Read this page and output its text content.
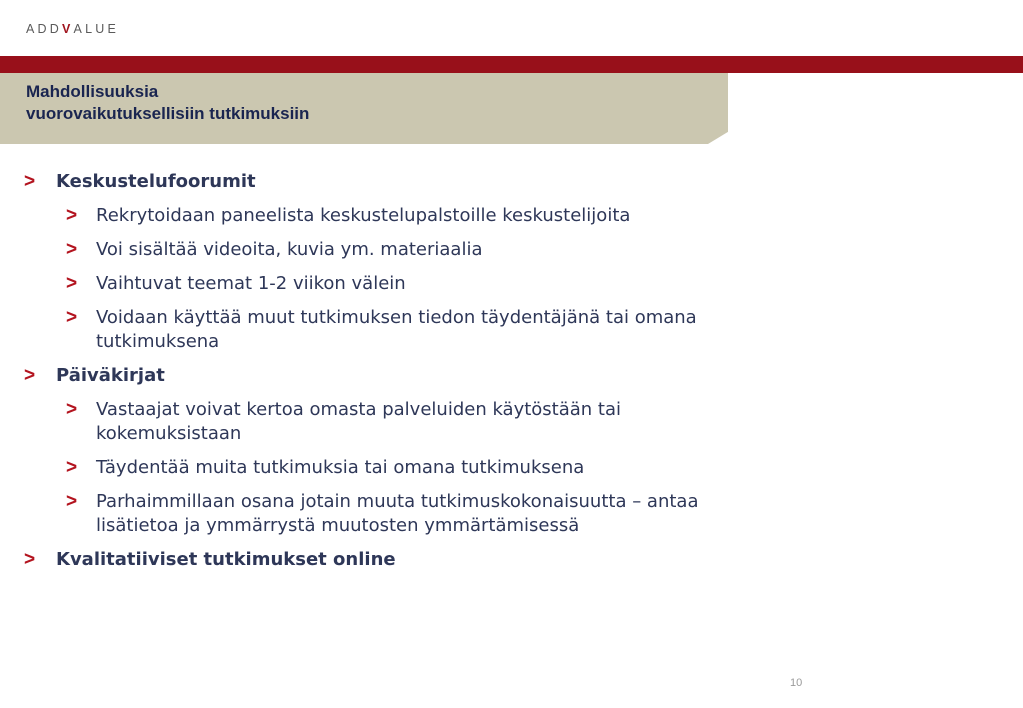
ADDVALUE
Mahdollisuuksia
vuorovaikutuksellisiin tutkimuksiin
> Keskustelufoorumit
> Rekrytoidaan paneelista keskustelupalstoille keskustelijoita
> Voi sisältää videoita, kuvia ym. materiaalia
> Vaihtuvat teemat 1-2 viikon välein
> Voidaan käyttää muut tutkimuksen tiedon täydentäjänä tai omana tutkimuksena
> Päiväkirjat
> Vastaajat voivat kertoa omasta palveluiden käytöstään tai kokemuksistaan
> Täydentää muita tutkimuksia tai omana tutkimuksena
> Parhaimmillaan osana jotain muuta tutkimuskokonaisuutta – antaa lisätietoa ja ymmärrystä muutosten ymmärtämisessä
> Kvalitatiiviset tutkimukset online
10
